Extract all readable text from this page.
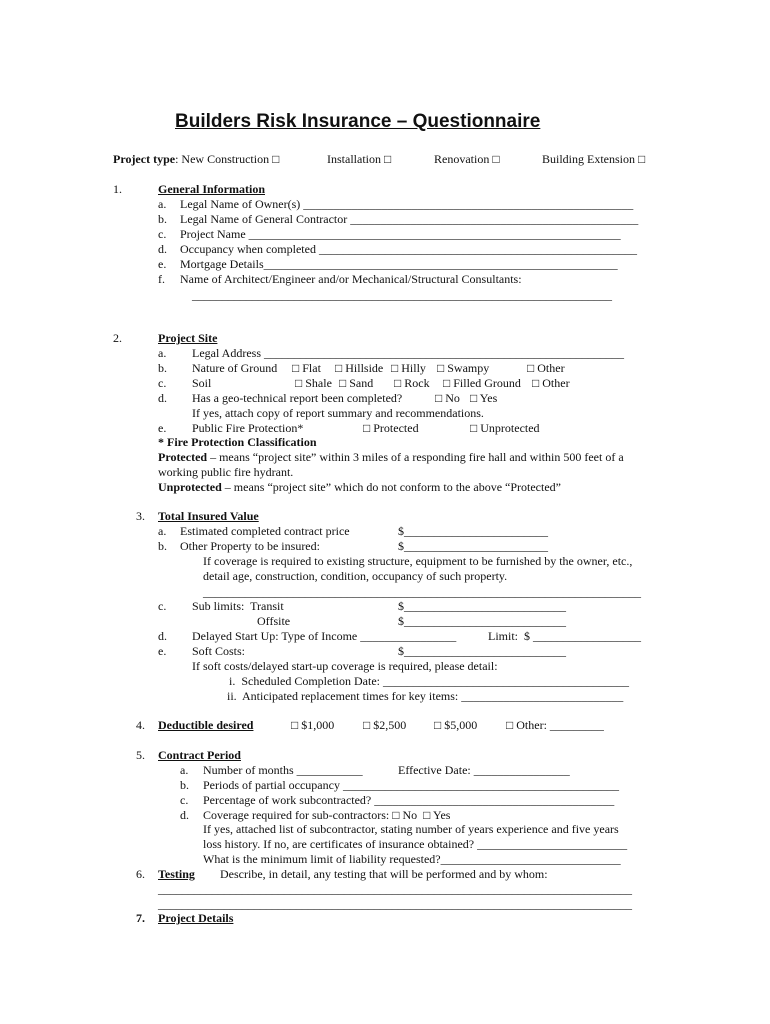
Builders Risk Insurance – Questionnaire
Project type: New Construction □	Installation □	Renovation □	Building Extension □
1.	General Information
a. Legal Name of Owner(s) _______________________________________________________
b. Legal Name of General Contractor ________________________________________________
c. Project Name ______________________________________________________________
d. Occupancy when completed _____________________________________________________
e. Mortgage Details___________________________________________________________
f. Name of Architect/Engineer and/or Mechanical/Structural Consultants:
______________________________________________________________________
2.	Project Site
a. Legal Address ____________________________________________________________
b. Nature of Ground □ Flat □ Hillside □ Hilly □ Swampy	□ Other
c. Soil	□ Shale □ Sand □ Rock □ Filled Ground □ Other
d. Has a geo-technical report been completed?	□ No □ Yes
If yes, attach copy of report summary and recommendations.
e. Public Fire Protection*	□ Protected	□ Unprotected
* Fire Protection Classification
Protected – means “project site” within 3 miles of a responding fire hall and within 500 feet of a
working public fire hydrant.
Unprotected – means “project site” which do not conform to the above “Protected”
3. Total Insured Value
a. Estimated completed contract price	$________________________
b. Other Property to be insured:	$________________________
If coverage is required to existing structure, equipment to be furnished by the owner, etc.,
detail age, construction, condition, occupancy of such property.
_________________________________________________________________________
c. Sub limits:  Transit	$___________________________
Offsite	$___________________________
d. Delayed Start Up: Type of Income ________________	Limit:  $ __________________
e. Soft Costs:	$___________________________
If soft costs/delayed start-up coverage is required, please detail:
i.  Scheduled Completion Date: _________________________________________
ii.  Anticipated replacement times for key items: ___________________________
4. Deductible desired	□ $1,000 □ $2,500 □ $5,000 □ Other: _________
5. Contract Period
a. Number of months ___________	Effective Date: ________________
b. Periods of partial occupancy ______________________________________________
c. Percentage of work subcontracted? ________________________________________
d. Coverage required for sub-contractors: □ No  □ Yes
If yes, attached list of subcontractor, stating number of years experience and five years
loss history. If no, are certificates of insurance obtained? _________________________
What is the minimum limit of liability requested?______________________________
6. Testing Describe, in detail, any testing that will be performed and by whom:
_______________________________________________________________________________
_______________________________________________________________________________
7. Project Details
